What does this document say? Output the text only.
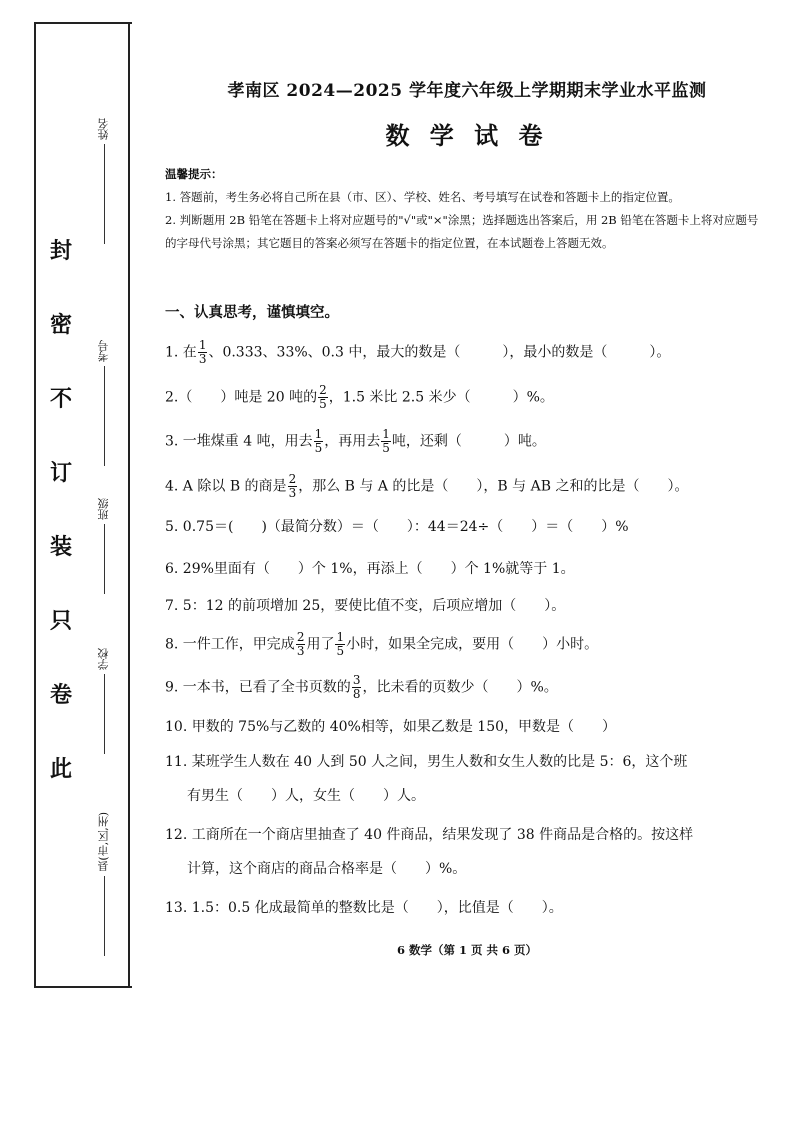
封
密
不
订
装
只
卷
此
姓名
考号
班级
学校
县(市,区,州)
孝南区 2024—2025 学年度六年级上学期期末学业水平监测
数 学 试 卷

温馨提示：

1. 答题前，考生务必将自己所在县（市、区）、学校、姓名、考号填写在试卷和答题卡上的指定位置。

2. 判断题用 2B 铅笔在答题卡上将对应题号的"√"或"×"涂黑；选择题选出答案后，用 2B 铅笔在答题卡上将对应题号的字母代号涂黑；其它题目的答案必须写在答题卡的指定位置，在本试题卷上答题无效。

一、认真思考，谨慎填空。
1. 在 $\frac{1}{3}$ 、0.333、33%、0.3 中，最大的数是（　　　），最小的数是（　　　）。
2.（　　）吨是 20 吨的 $\frac{2}{5}$ ，1.5 米比 2.5 米少（　　　）%。
3. 一堆煤重 4 吨，用去 $\frac{1}{5}$ ，再用去 $\frac{1}{5}$ 吨，还剩（　　　）吨。
4. A 除以 B 的商是 $\frac{2}{3}$ ，那么 B 与 A 的比是（　　），B 与 AB 之和的比是（　　）。
5. 0.75＝(　　)（最简分数）＝（　　）：44＝24÷（　　）＝（　　）%
6. 29%里面有（　　）个 1%，再添上（　　）个 1%就等于 1。
7. 5：12 的前项增加 25，要使比值不变，后项应增加（　　）。
8. 一件工作，甲完成 $\frac{2}{3}$ 用了 $\frac{1}{5}$ 小时，如果全完成，要用（　　）小时。
9. 一本书，已看了全书页数的 $\frac{3}{8}$ ，比未看的页数少（　　）%。
10. 甲数的 75%与乙数的 40%相等，如果乙数是 150，甲数是（　　）
11. 某班学生人数在 40 人到 50 人之间，男生人数和女生人数的比是 5：6，这个班
有男生（　　）人，女生（　　）人。
12. 工商所在一个商店里抽查了 40 件商品，结果发现了 38 件商品是合格的。按这样
计算，这个商店的商品合格率是（　　）%。
13. 1.5：0.5 化成最简单的整数比是（　　），比值是（　　）。
6 数学（第 1 页 共 6 页）
